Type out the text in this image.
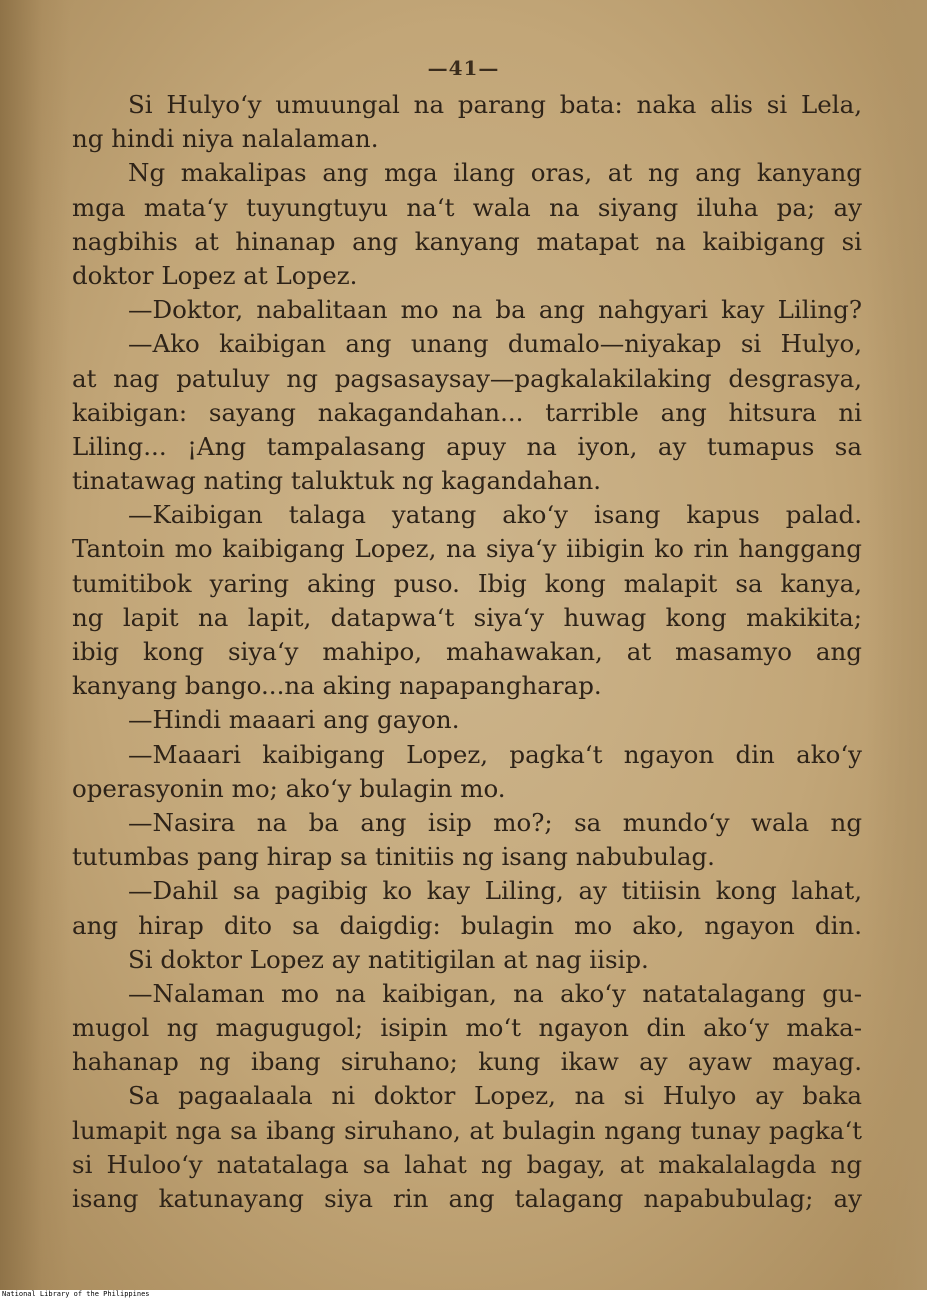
—41—
Si Hulyo‘y umuungal na parang bata: naka alis si Lela,
ng hindi niya nalalaman.
Ng makalipas ang mga ilang oras, at ng ang kanyang
mga mata‘y tuyungtuyu na‘t wala na siyang iluha pa; ay
nagbihis at hinanap ang kanyang matapat na kaibigang si
doktor Lopez at Lopez.
—Doktor, nabalitaan mo na ba ang nahgyari kay Liling?
—Ako kaibigan ang unang dumalo—niyakap si Hulyo,
at nag patuluy ng pagsasaysay—pagkalakilaking desgrasya,
kaibigan: sayang nakagandahan... tarrible ang hitsura ni
Liling... ¡Ang tampalasang apuy na iyon, ay tumapus sa
tinatawag nating taluktuk ng kagandahan.
—Kaibigan talaga yatang ako‘y isang kapus palad.
Tantoin mo kaibigang Lopez, na siya‘y iibigin ko rin hanggang
tumitibok yaring aking puso. Ibig kong malapit sa kanya,
ng lapit na lapit, datapwa‘t siya‘y huwag kong makikita;
ibig kong siya‘y mahipo, mahawakan, at masamyo ang
kanyang bango...na aking napapangharap.
—Hindi maaari ang gayon.
—Maaari kaibigang Lopez, pagka‘t ngayon din ako‘y
operasyonin mo; ako‘y bulagin mo.
—Nasira na ba ang isip mo?; sa mundo‘y wala ng
tutumbas pang hirap sa tinitiis ng isang nabubulag.
—Dahil sa pagibig ko kay Liling, ay titiisin kong lahat,
ang hirap dito sa daigdig: bulagin mo ako, ngayon din.
Si doktor Lopez ay natitigilan at nag iisip.
—Nalaman mo na kaibigan, na ako‘y natatalagang gu-
mugol ng magugugol; isipin mo‘t ngayon din ako‘y maka-
hahanap ng ibang siruhano; kung ikaw ay ayaw mayag.
Sa pagaalaala ni doktor Lopez, na si Hulyo ay baka
lumapit nga sa ibang siruhano, at bulagin ngang tunay pagka‘t
si Huloo‘y natatalaga sa lahat ng bagay, at makalalagda ng
isang katunayang siya rin ang talagang napabubulag; ay
National Library of the Philippines
